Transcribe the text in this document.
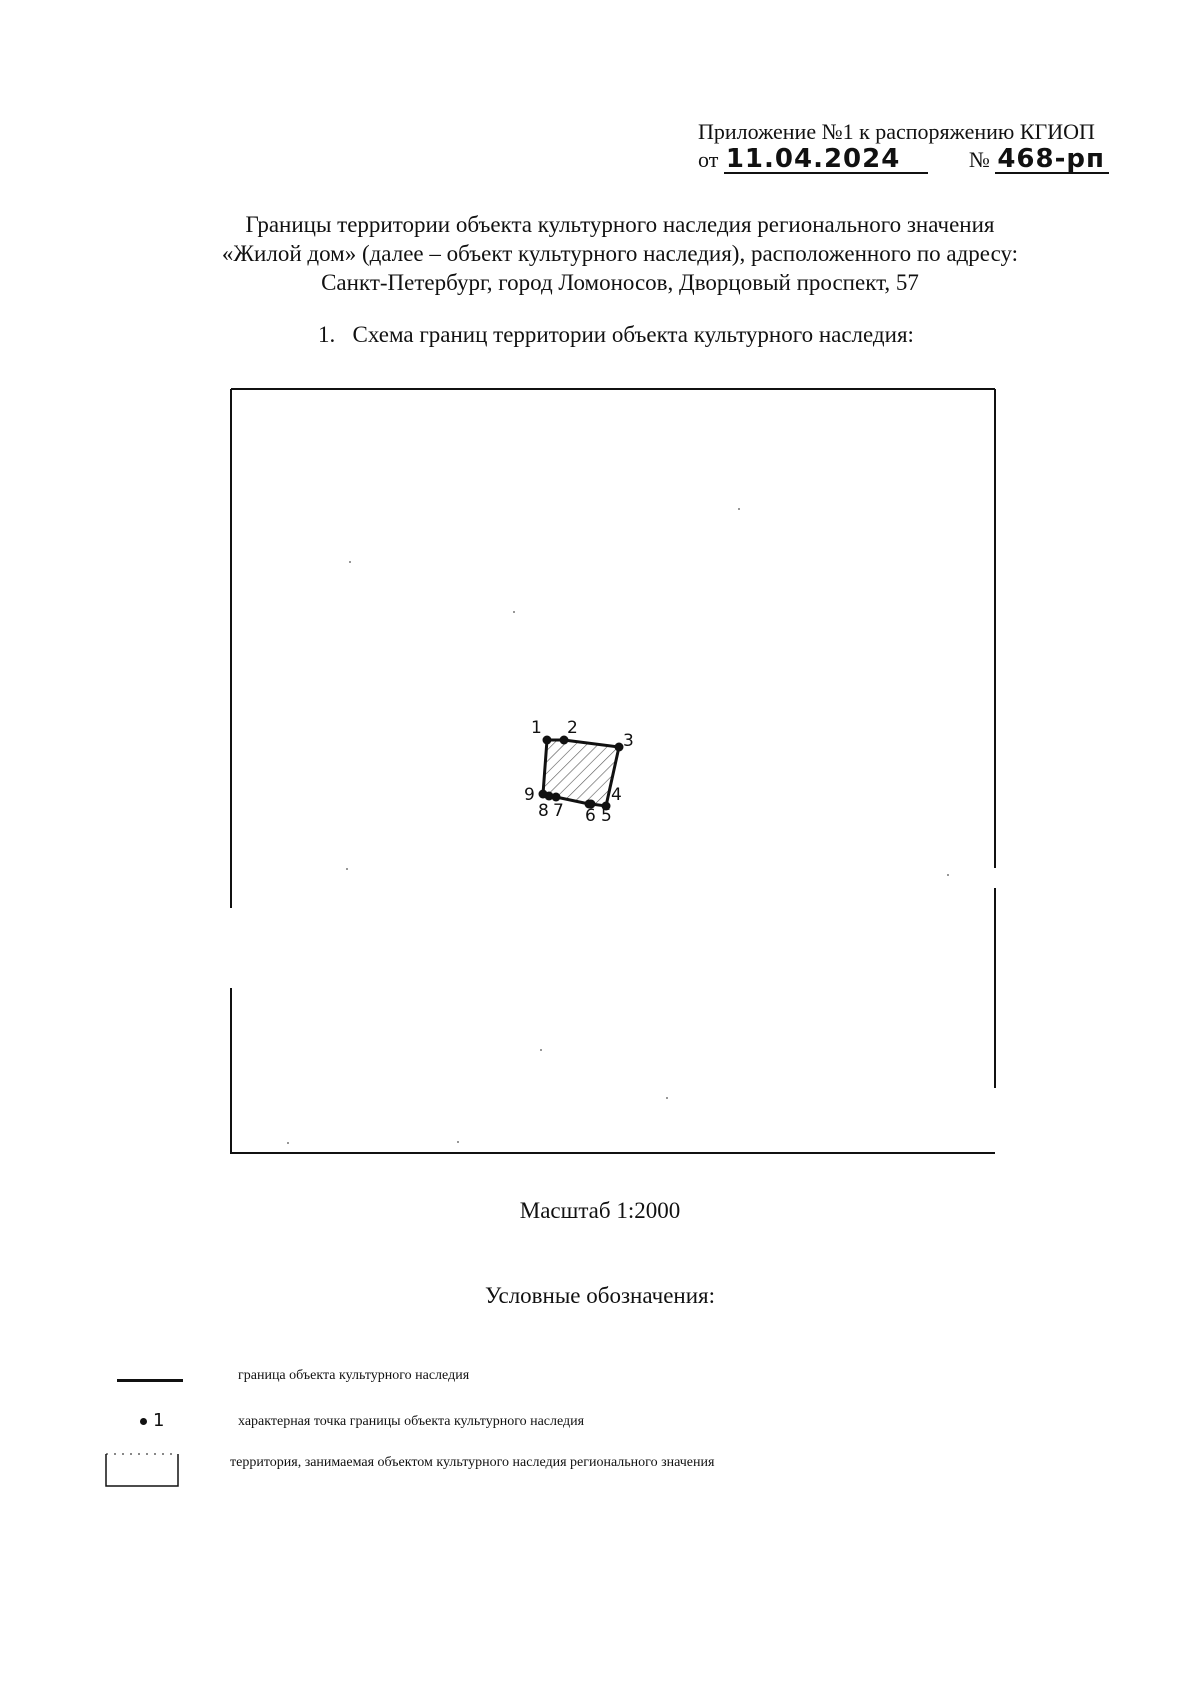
Приложение №1 к распоряжению КГИОП
от 11.04.2024	№ 468-рп
Границы территории объекта культурного наследия регионального значения
«Жилой дом» (далее – объект культурного наследия), расположенного по адресу:
Санкт-Петербург, город Ломоносов, Дворцовый проспект, 57
1. Схема границ территории объекта культурного наследия:
1 2
3
4
5
6
7
8
9
Масштаб 1:2000
Условные обозначения:
граница объекта культурного наследия
1	характерная точка границы объекта культурного наследия
территория, занимаемая объектом культурного наследия регионального значения
